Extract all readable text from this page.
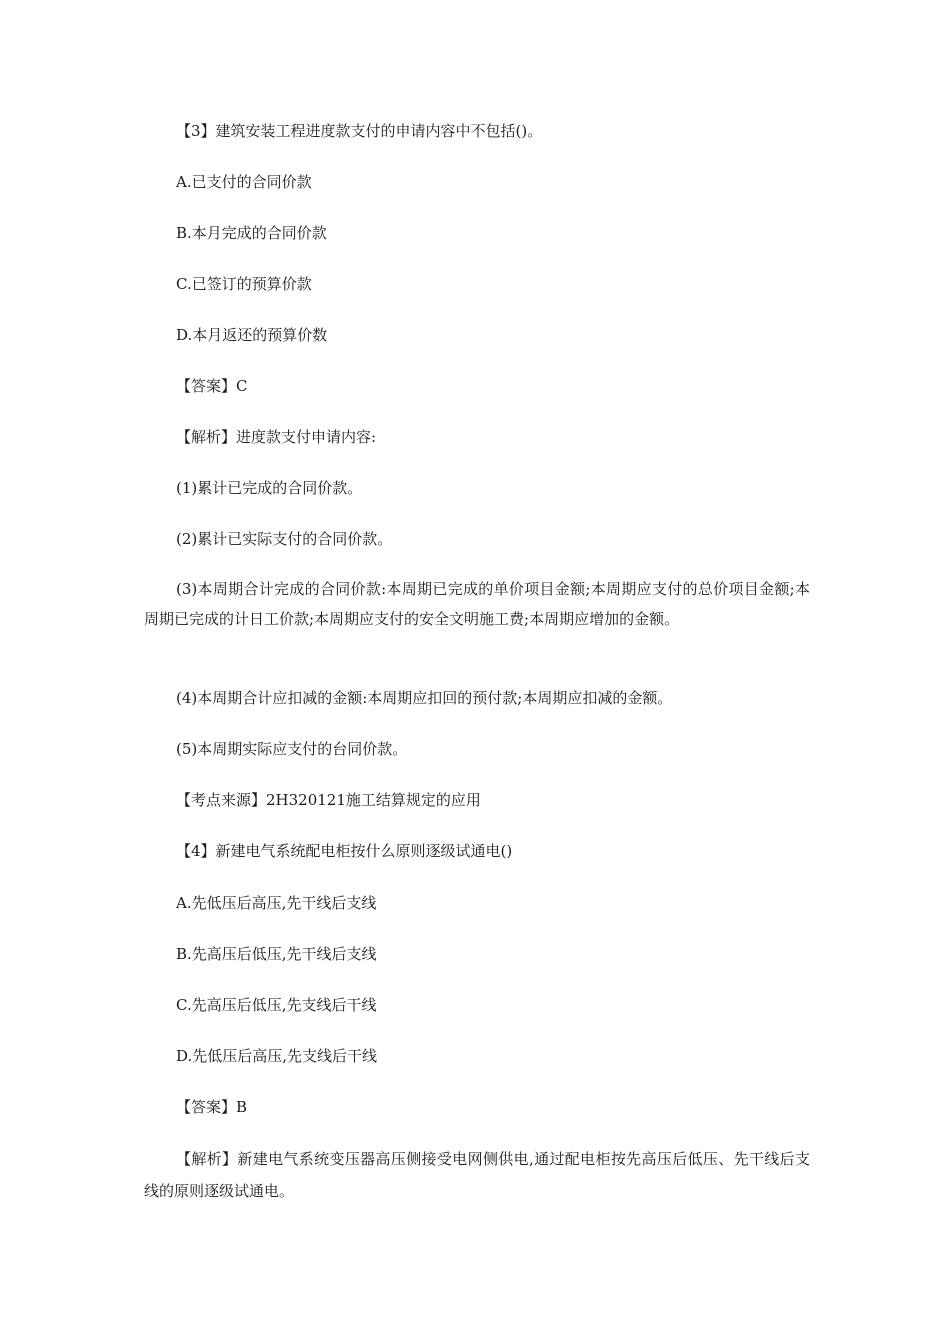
【3】建筑安装工程进度款支付的申请内容中不包括()。

A.已支付的合同价款

B.本月完成的合同价款

C.已签订的预算价款

D.本月返还的预算价数

【答案】C

【解析】进度款支付申请内容:

(1)累计已完成的合同价款。

(2)累计已实际支付的合同价款。

(3)本周期合计完成的合同价款:本周期已完成的单价项目金额;本周期应支付的总价项目金额;本周期已完成的计日工价款;本周期应支付的安全文明施工费;本周期应增加的金额。

(4)本周期合计应扣减的金额:本周期应扣回的预付款;本周期应扣减的金额。

(5)本周期实际应支付的台同价款。

【考点来源】2H320121施工结算规定的应用

【4】新建电气系统配电柜按什么原则逐级试通电()

A.先低压后高压,先干线后支线

B.先高压后低压,先干线后支线

C.先高压后低压,先支线后干线

D.先低压后高压,先支线后干线

【答案】B

【解析】新建电气系统变压器高压侧接受电网侧供电,通过配电柜按先高压后低压、先干线后支线的原则逐级试通电。
